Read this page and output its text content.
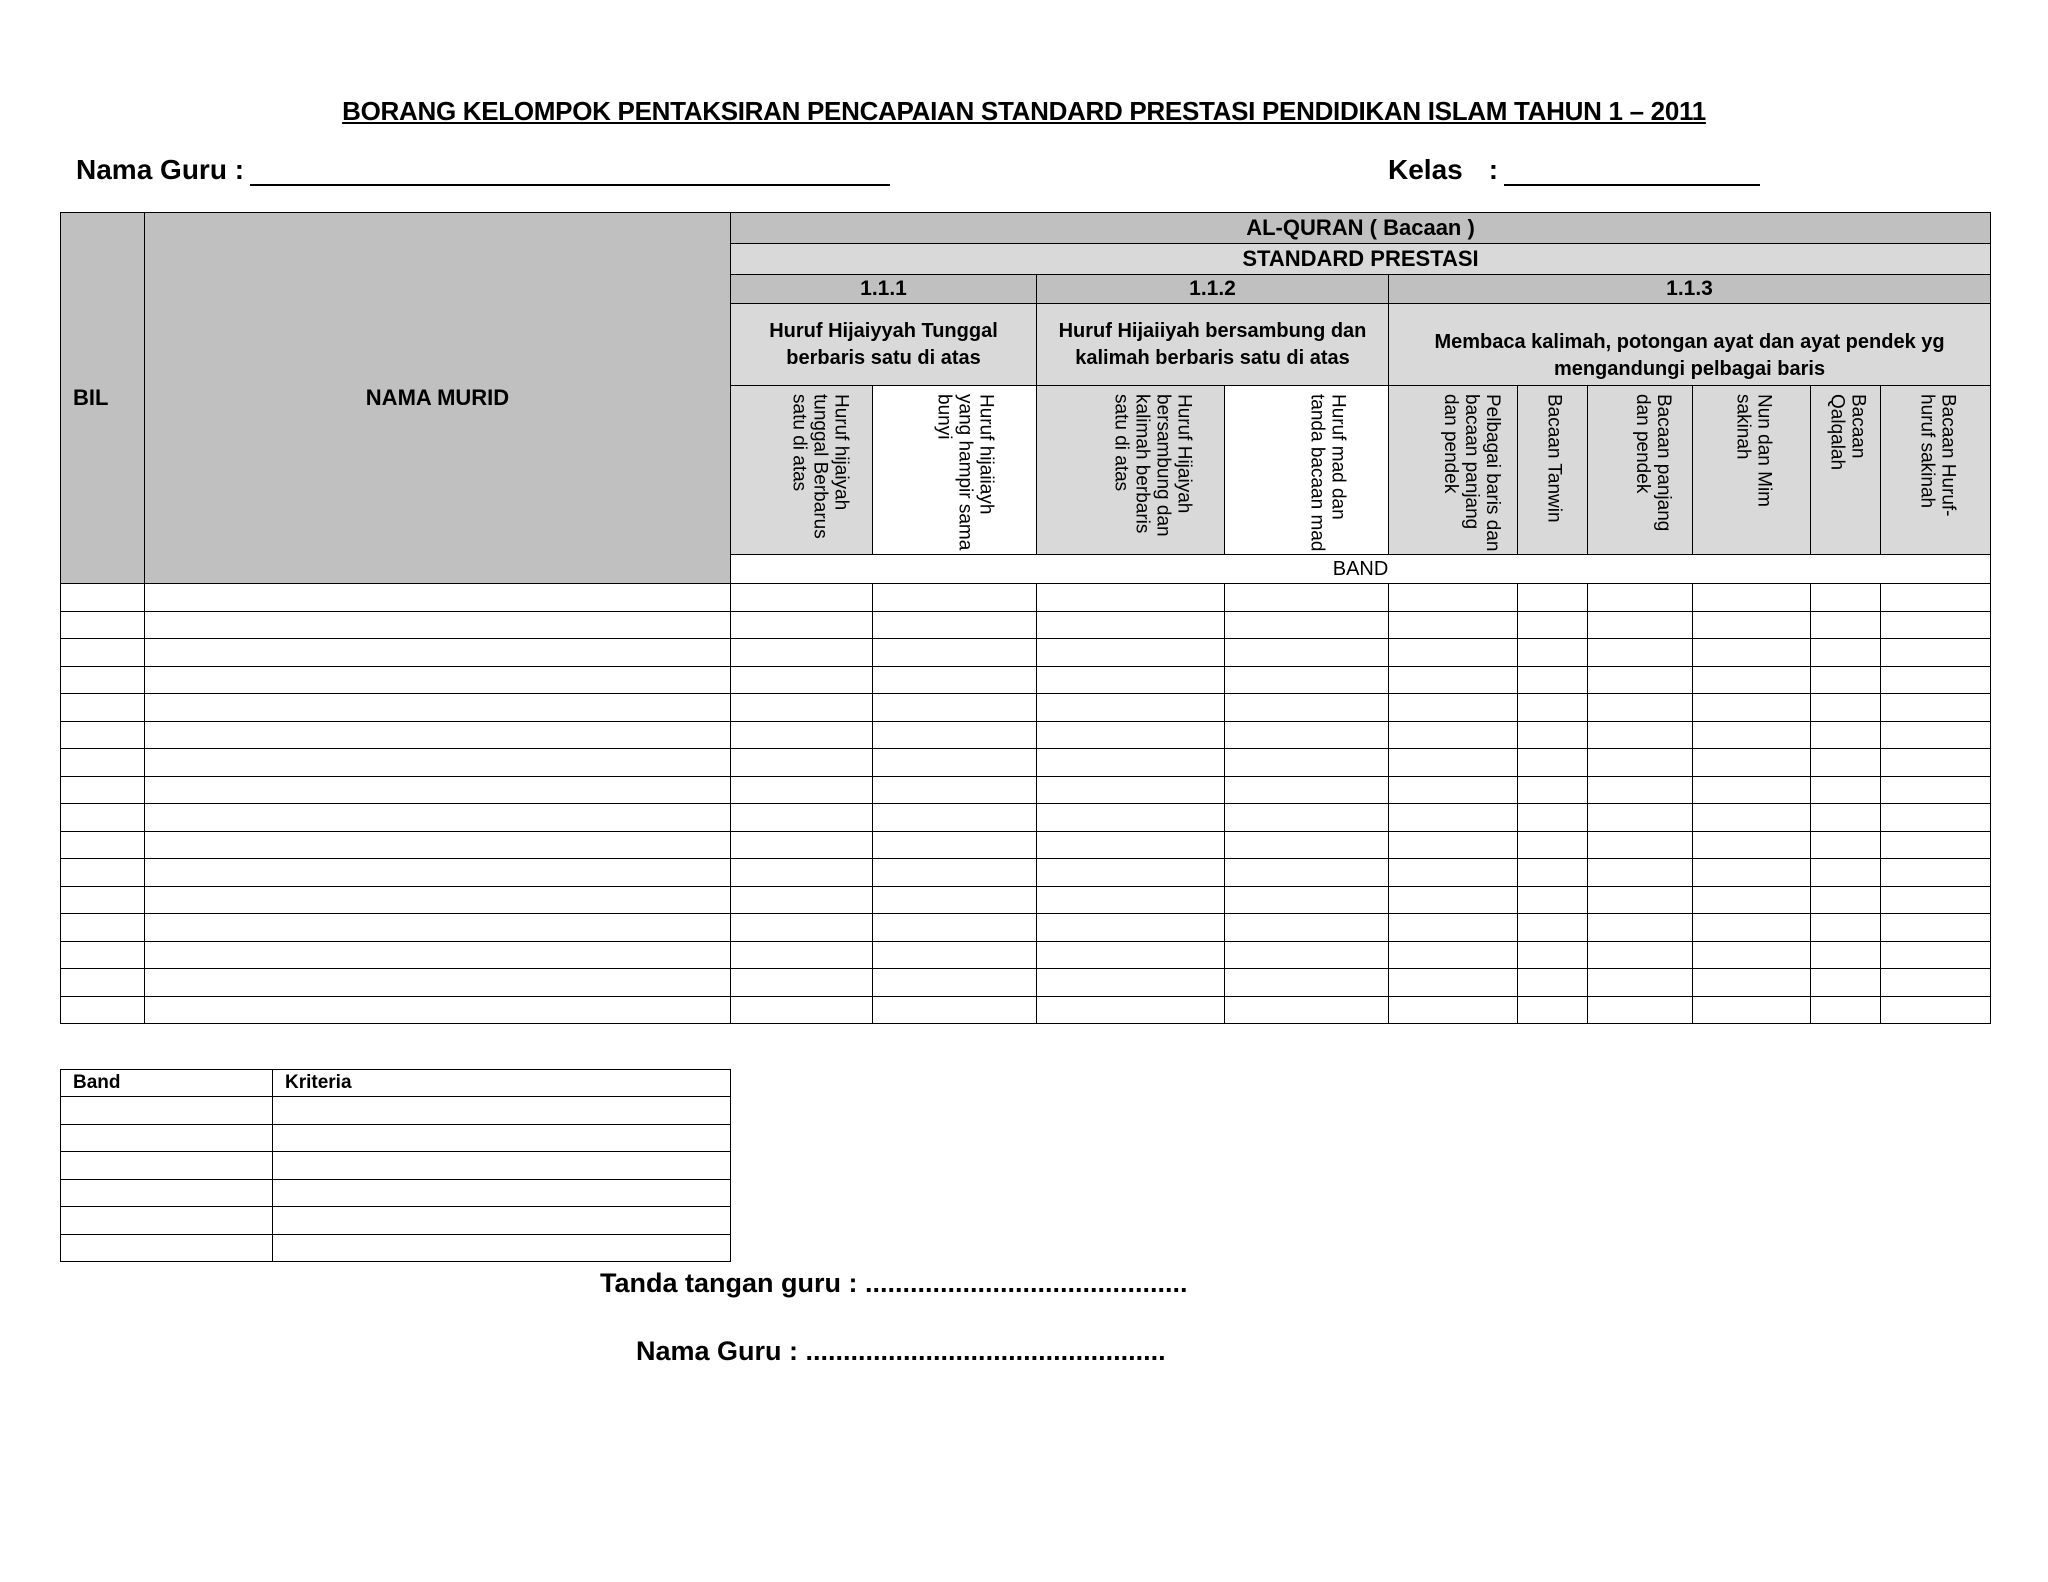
BORANG KELOMPOK PENTAKSIRAN PENCAPAIAN STANDARD PRESTASI PENDIDIKAN ISLAM TAHUN 1 – 2011
Nama Guru :	Kelas :
BIL	NAMA MURID	AL-QURAN ( Bacaan )									
		STANDARD PRESTASI									
		1.1.1		1.1.2		1.1.3					
		Huruf Hijaiyyah Tunggal berbaris satu di atas		Huruf Hijaiiyah bersambung dan kalimah berbaris satu di atas		Membaca kalimah, potongan ayat dan ayat pendek yg mengandungi pelbagai baris					

		Huruf hijaiyah tunggal Berbarus satu di atas	Huruf hijaiiayh yang hampir sama bunyi	Huruf Hijaiyah bersambung dan kalimah berbaris satu di atas	Huruf mad dan tanda bacaan mad	Pelbagai baris dan bacaan panjang dan pendek	Bacaan Tanwin	Bacaan panjang dan pendek	Nun dan Mim sakinah	Bacaan Qalqalah	Bacaan Huruf-huruf sakinah

		BAND									

Band	Kriteria

Tanda tangan guru : ...........................................
Nama Guru : ................................................
